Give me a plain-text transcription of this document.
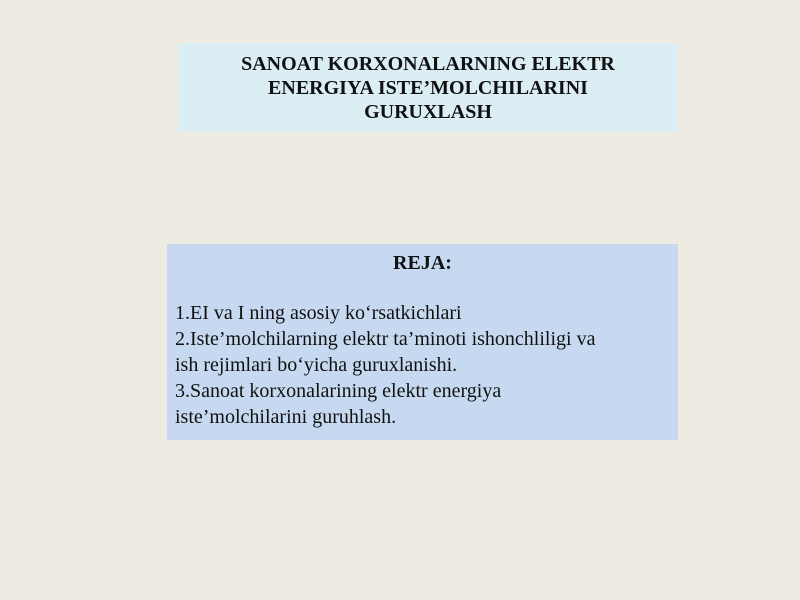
SANOAT KORXONALARNING ELEKTR
ENERGIYA ISTE’MOLCHILARINI
GURUXLASH
REJA:
1.EI va I ning asosiy ko‘rsatkichlari
2.Iste’molchilarning elektr ta’minoti ishonchliligi va
ish rejimlari bo‘yicha guruxlanishi.
3.Sanoat korxonalarining elektr energiya
iste’molchilarini guruhlash.
